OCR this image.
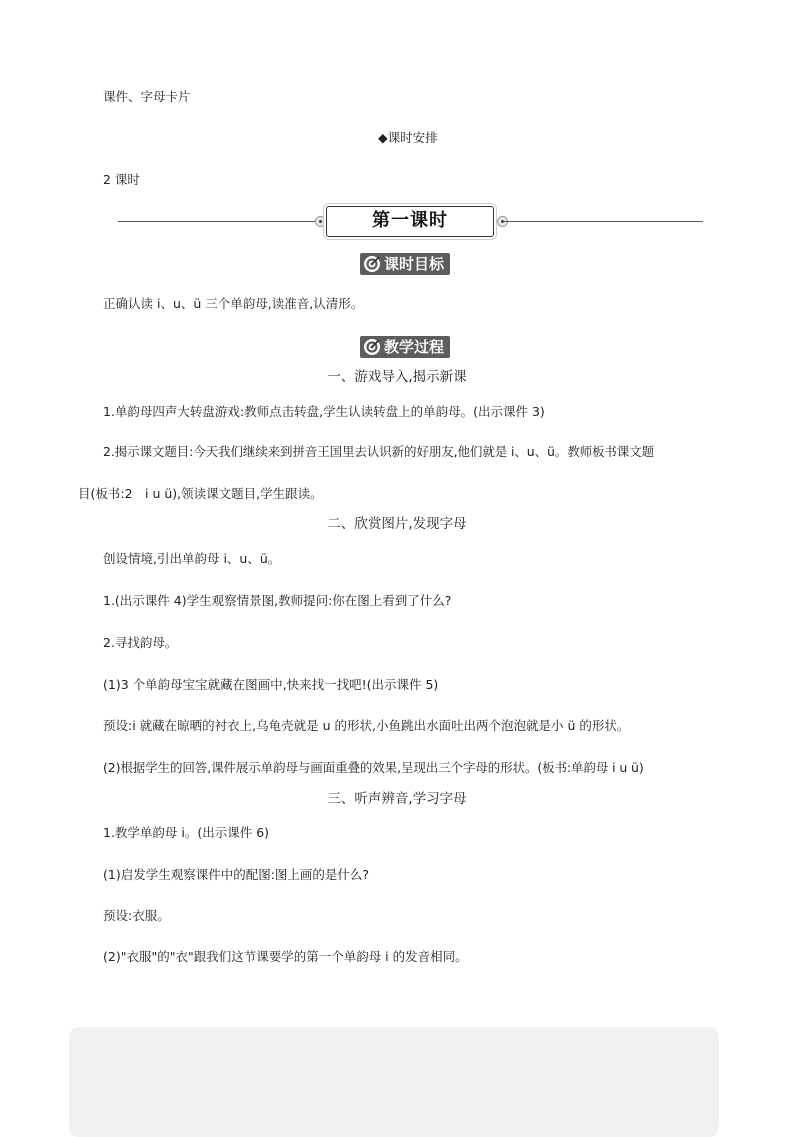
课件、字母卡片
◆课时安排
2 课时
第一课时
课时目标
正确认读 i、u、ü 三个单韵母,读准音,认清形。
教学过程
一、游戏导入,揭示新课
1.单韵母四声大转盘游戏:教师点击转盘,学生认读转盘上的单韵母。(出示课件 3)
2.揭示课文题目:今天我们继续来到拼音王国里去认识新的好朋友,他们就是 i、u、ü。教师板书课文题
目(板书:2　i u ü),领读课文题目,学生跟读。
二、欣赏图片,发现字母
创设情境,引出单韵母 i、u、ü。
1.(出示课件 4)学生观察情景图,教师提问:你在图上看到了什么?
2.寻找韵母。
(1)3 个单韵母宝宝就藏在图画中,快来找一找吧!(出示课件 5)
预设:i 就藏在晾晒的衬衣上,乌龟壳就是 u 的形状,小鱼跳出水面吐出两个泡泡就是小 ü 的形状。
(2)根据学生的回答,课件展示单韵母与画面重叠的效果,呈现出三个字母的形状。(板书:单韵母 i u ü)
三、听声辨音,学习字母
1.教学单韵母 i。(出示课件 6)
(1)启发学生观察课件中的配图:图上画的是什么?
预设:衣服。
(2)"衣服"的"衣"跟我们这节课要学的第一个单韵母 i 的发音相同。
